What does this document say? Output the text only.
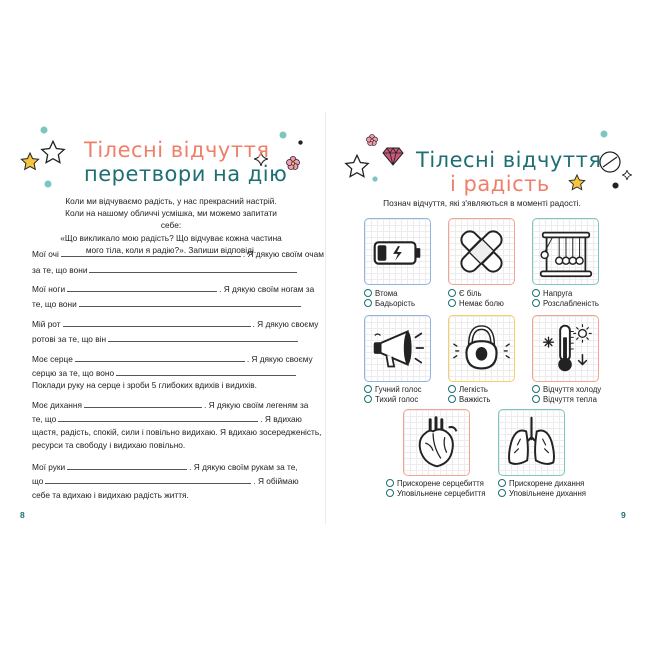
Тілесні відчуття
перетвори на дію
Коли ми відчуваємо радість, у нас прекрасний настрій.
Коли на нашому обличчі усмішка, ми можемо запитати себе:
«Що викликало мою радість? Що відчуває кожна частина
мого тіла, коли я радію?». Запиши відповіді.
Мої очі	. Я дякую своїм очам
за те, що вони
Мої ноги	. Я дякую своїм ногам за
те, що вони
Мій рот	. Я дякую своєму
ротові за те, що він
Моє серце	. Я дякую своєму
серцю за те, що воно
Поклади руку на серце і зроби 5 глибоких вдихів і видихів.
Моє дихання	. Я дякую своїм легеням за
те, що	. Я вдихаю
щастя, радість, спокій, сили і повільно видихаю. Я вдихаю зосередженість,
ресурси та свободу і видихаю повільно.
Мої руки	. Я дякую своїм рукам за те,
що	. Я обіймаю
себе та вдихаю і видихаю радість життя.
8
Тілесні відчуття
і радість
Познач відчуття, які з'являються в моменті радості.
Втома
Бадьорість
Є біль
Немає болю
Напруга
Розслабленість
Гучний голос
Тихий голос
Легкість
Важкість
Відчуття холоду
Відчуття тепла
Прискорене серцебиття
Уповільнене серцебиття
Прискорене дихання
Уповільнене дихання
9
